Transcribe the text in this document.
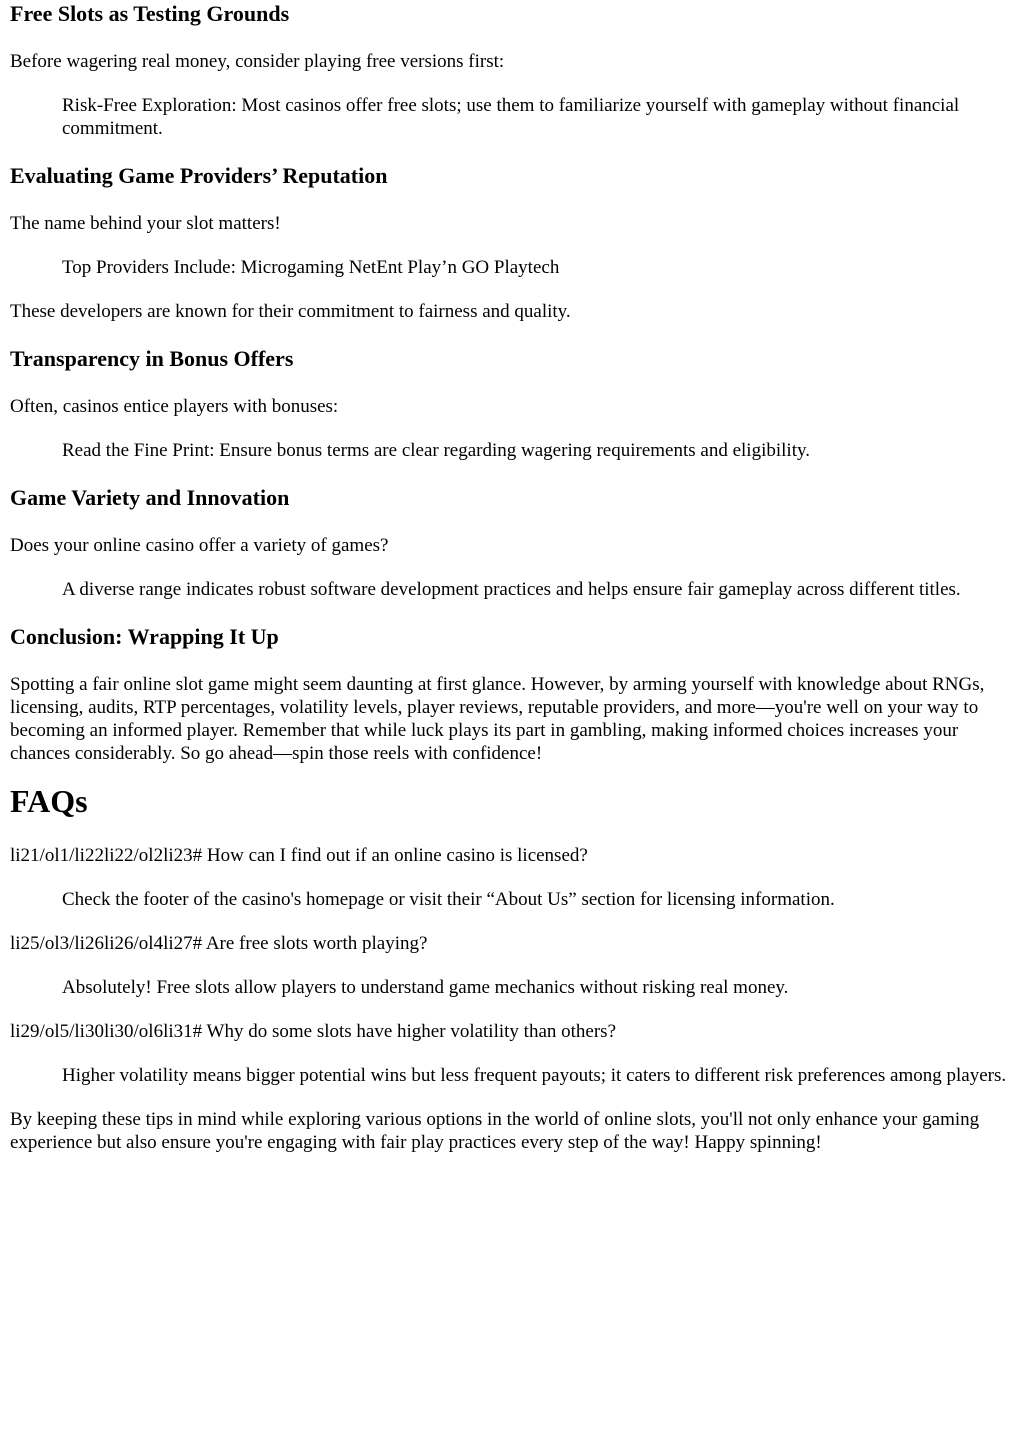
Free Slots as Testing Grounds

Before wagering real money, consider playing free versions first:

Risk-Free Exploration: Most casinos offer free slots; use them to familiarize yourself with gameplay without financial commitment.
Evaluating Game Providers’ Reputation

The name behind your slot matters!

Top Providers Include: Microgaming NetEnt Play’n GO Playtech

These developers are known for their commitment to fairness and quality.

Transparency in Bonus Offers

Often, casinos entice players with bonuses:

Read the Fine Print: Ensure bonus terms are clear regarding wagering requirements and eligibility.
Game Variety and Innovation

Does your online casino offer a variety of games?

A diverse range indicates robust software development practices and helps ensure fair gameplay across different titles.
Conclusion: Wrapping It Up

Spotting a fair online slot game might seem daunting at first glance. However, by arming yourself with knowledge about RNGs, licensing, audits, RTP percentages, volatility levels, player reviews, reputable providers, and more—you're well on your way to becoming an informed player. Remember that while luck plays its part in gambling, making informed choices increases your chances considerably. So go ahead—spin those reels with confidence!

FAQs

li21/ol1/li22li22/ol2li23# How can I find out if an online casino is licensed?

Check the footer of the casino's homepage or visit their “About Us” section for licensing information.

li25/ol3/li26li26/ol4li27# Are free slots worth playing?

Absolutely! Free slots allow players to understand game mechanics without risking real money.

li29/ol5/li30li30/ol6li31# Why do some slots have higher volatility than others?

Higher volatility means bigger potential wins but less frequent payouts; it caters to different risk preferences among players.

By keeping these tips in mind while exploring various options in the world of online slots, you'll not only enhance your gaming experience but also ensure you're engaging with fair play practices every step of the way! Happy spinning!
